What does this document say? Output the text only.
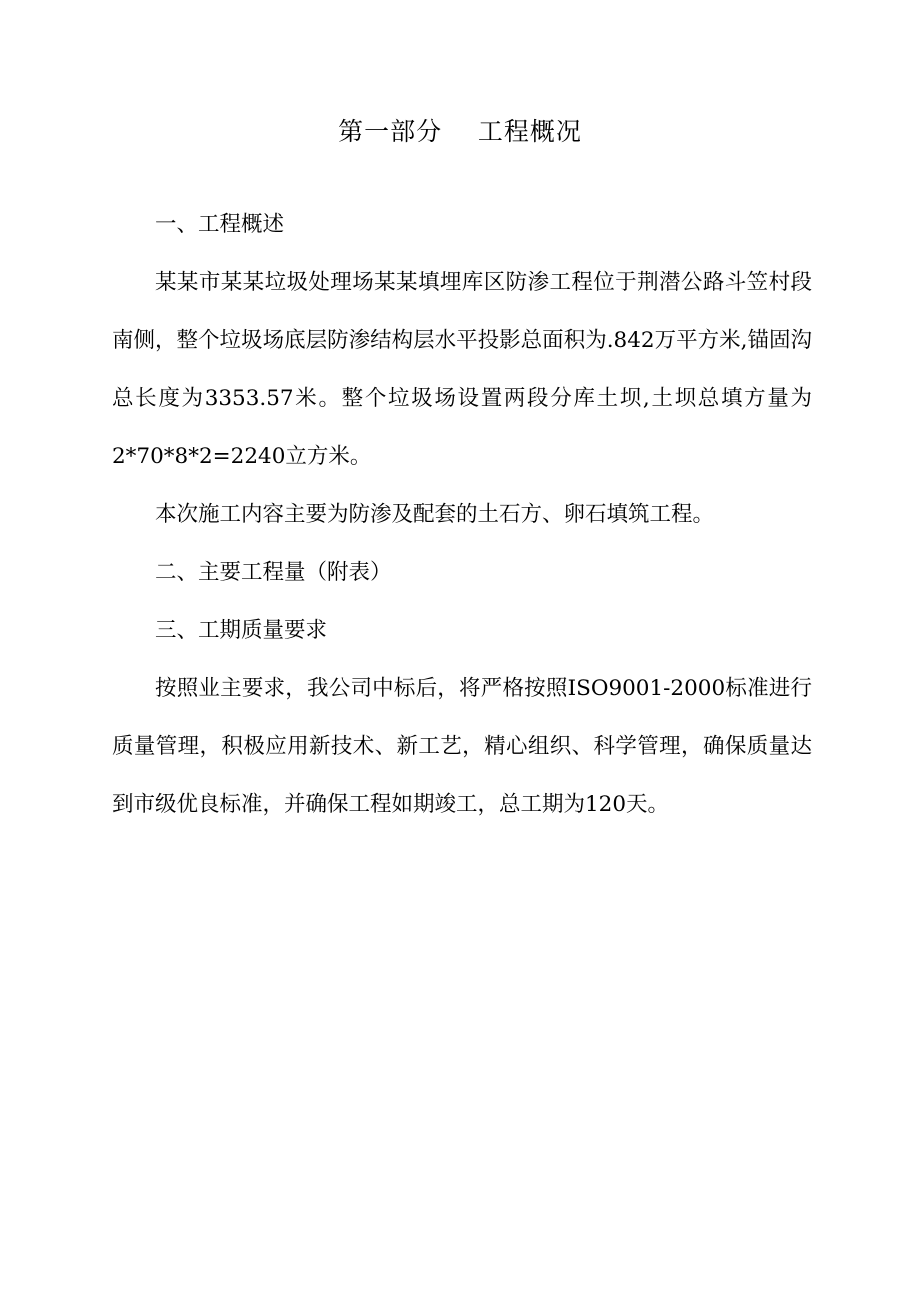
第一部分    工程概况

一、工程概述

某某市某某垃圾处理场某某填埋库区防渗工程位于荆潜公路斗笠村段南侧，整个垃圾场底层防渗结构层水平投影总面积为.842万平方米,锚固沟总长度为3353.57米。整个垃圾场设置两段分库土坝,土坝总填方量为2*70*8*2=2240立方米。

本次施工内容主要为防渗及配套的土石方、卵石填筑工程。

二、主要工程量（附表）

三、工期质量要求

按照业主要求，我公司中标后，将严格按照ISO9001-2000标准进行质量管理，积极应用新技术、新工艺，精心组织、科学管理，确保质量达到市级优良标准，并确保工程如期竣工，总工期为120天。
